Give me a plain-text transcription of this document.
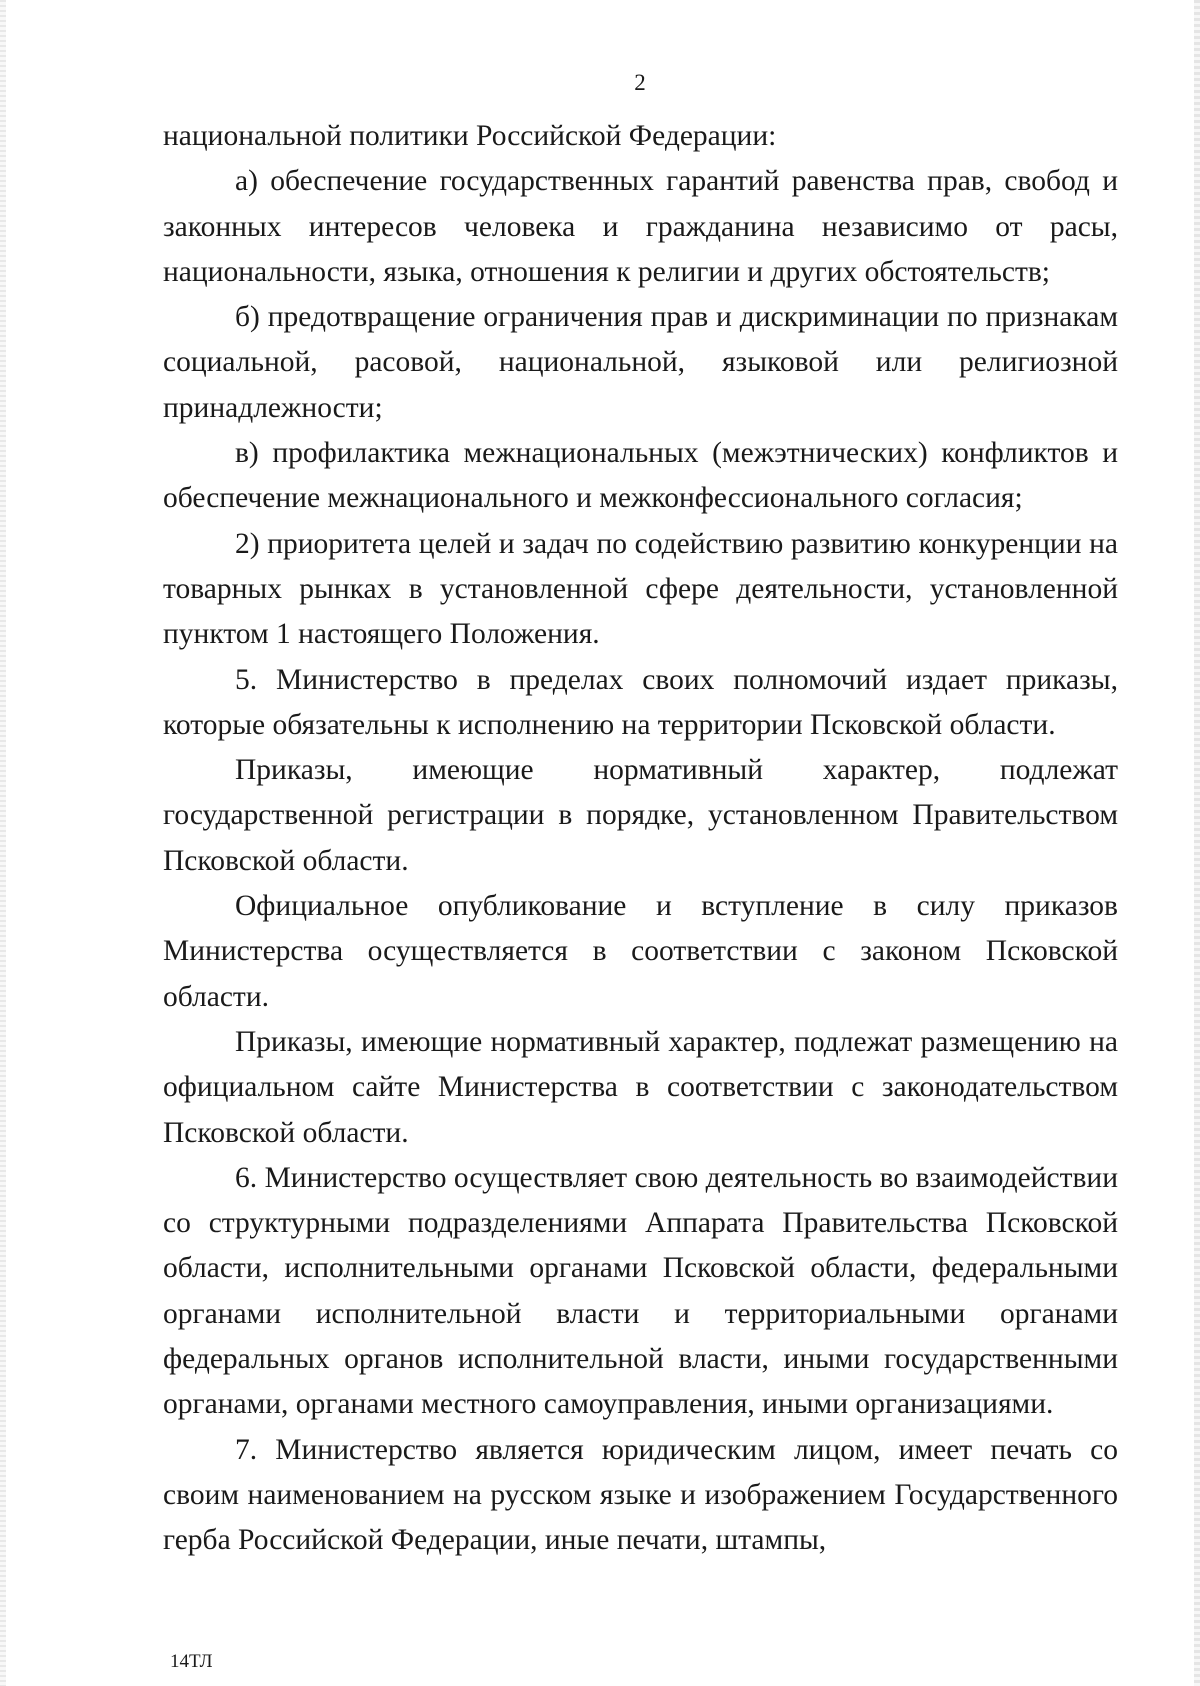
2

национальной политики Российской Федерации:

а) обеспечение государственных гарантий равенства прав, свобод и законных интересов человека и гражданина независимо от расы, национальности, языка, отношения к религии и других обстоятельств;

б) предотвращение ограничения прав и дискриминации по признакам социальной, расовой, национальной, языковой или религиозной принадлежности;

в) профилактика межнациональных (межэтнических) конфликтов и обеспечение межнационального и межконфессионального согласия;

2) приоритета целей и задач по содействию развитию конкуренции на товарных рынках в установленной сфере деятельности, установленной пунктом 1 настоящего Положения.

5. Министерство в пределах своих полномочий издает приказы, которые обязательны к исполнению на территории Псковской области.

Приказы, имеющие нормативный характер, подлежат государственной регистрации в порядке, установленном Правительством Псковской области.

Официальное опубликование и вступление в силу приказов Министерства осуществляется в соответствии с законом Псковской области.

Приказы, имеющие нормативный характер, подлежат размещению на официальном сайте Министерства в соответствии с законодательством Псковской области.

6. Министерство осуществляет свою деятельность во взаимодействии со структурными подразделениями Аппарата Правительства Псковской области, исполнительными органами Псковской области, федеральными органами исполнительной власти и территориальными органами федеральных органов исполнительной власти, иными государственными органами, органами местного самоуправления, иными организациями.

7. Министерство является юридическим лицом, имеет печать со своим наименованием на русском языке и изображением Государственного герба Российской Федерации, иные печати, штампы,

14ТЛ
